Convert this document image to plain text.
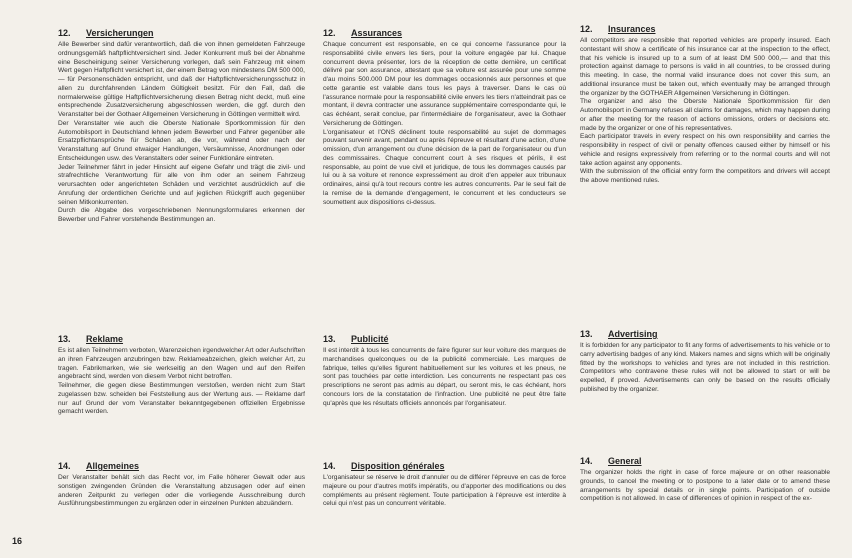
12. Versicherungen

Alle Bewerber sind dafür verantwortlich, daß die von ihnen gemeldeten Fahrzeuge ordnungsgemäß haftpflichtversichert sind. Jeder Konkurrent muß bei der Abnahme eine Bescheinigung seiner Versicherung vorlegen, daß sein Fahrzeug mit einem Wert gegen Haftpflicht versichert ist, der einem Betrag von mindestens DM 500 000,— für Personenschäden entspricht, und daß der Haftpflichtversicherungsschutz in allen zu durchfahrenden Ländern Gültigkeit besitzt. Für den Fall, daß die normalerweise gültige Haftpflichtversicherung diesen Betrag nicht deckt, muß eine entsprechende Zusatzversicherung abgeschlossen werden, die ggf. durch den Veranstalter bei der Gothaer Allgemeinen Versicherung in Göttingen vermittelt wird.

Der Veranstalter wie auch die Oberste Nationale Sportkommission für den Automobilsport in Deutschland lehnen jedem Bewerber und Fahrer gegenüber alle Ersatzpflichtansprüche für Schäden ab, die vor, während oder nach der Veranstaltung auf Grund etwaiger Handlungen, Versäumnisse, Anordnungen oder Entscheidungen usw. des Veranstalters oder seiner Funktionäre eintreten.

Jeder Teilnehmer fährt in jeder Hinsicht auf eigene Gefahr und trägt die zivil- und strafrechtliche Verantwortung für alle von ihm oder an seinem Fahrzeug verursachten oder angerichteten Schäden und verzichtet ausdrücklich auf die Anrufung der ordentlichen Gerichte und auf jeglichen Rückgriff auch gegenüber seinen Mitkonkurrenten.

Durch die Abgabe des vorgeschriebenen Nennungsformulares erkennen der Bewerber und Fahrer vorstehende Bestimmungen an.

13. Reklame

Es ist allen Teilnehmern verboten, Warenzeichen irgendwelcher Art oder Aufschriften an ihren Fahrzeugen anzubringen bzw. Reklameabzeichen, gleich welcher Art, zu tragen. Fabrikmarken, wie sie werkseitig an den Wagen und auf den Reifen angebracht sind, werden von diesem Verbot nicht betroffen.

Teilnehmer, die gegen diese Bestimmungen verstoßen, werden nicht zum Start zugelassen bzw. scheiden bei Feststellung aus der Wertung aus. — Reklame darf nur auf Grund der vom Veranstalter bekanntgegebenen offiziellen Ergebnisse gemacht werden.

14. Allgemeines

Der Veranstalter behält sich das Recht vor, im Falle höherer Gewalt oder aus sonstigen zwingenden Gründen die Veranstaltung abzusagen oder auf einen anderen Zeitpunkt zu verlegen oder die vorliegende Ausschreibung durch Ausführungsbestimmungen zu ergänzen oder in einzelnen Punkten abzuändern.

12. Assurances

Chaque concurrent est responsable, en ce qui concerne l'assurance pour la responsabilité civile envers les tiers, pour la voiture engagée par lui. Chaque concurrent devra présenter, lors de la réception de cette dernière, un certificat délivré par son assurance, attestant que sa voiture est assurée pour une somme d'au moins 500.000 DM pour les dommages occasionnés aux personnes et que cette garantie est valable dans tous les pays à traverser. Dans le cas où l'assurance normale pour la responsabilité civile envers les tiers n'atteindrait pas ce montant, il devra contracter une assurance supplémentaire correspondante qui, le cas échéant, serait conclue, par l'intermédiaire de l'organisateur, avec la Gothaer Versicherung de Göttingen.

L'organisateur et l'ONS déclinent toute responsabilité au sujet de dommages pouvant survenir avant, pendant ou après l'épreuve et résultant d'une action, d'une omission, d'un arrangement ou d'une décision de la part de l'organisateur ou d'un des commissaires. Chaque concurrent court à ses risques et périls, il est responsable, au point de vue civil et juridique, de tous les dommages causés par lui ou à sa voiture et renonce expressément au droit d'en appeler aux tribunaux ordinaires, ainsi qu'à tout recours contre les autres concurrents. Par le seul fait de la remise de la demande d'engagement, le concurrent et les conducteurs se soumettent aux dispositions ci-dessus.

13. Publicité

Il est interdit à tous les concurrents de faire figurer sur leur voiture des marques de marchandises quelconques ou de la publicité commerciale. Les marques de fabrique, telles qu'elles figurent habituellement sur les voitures et les pneus, ne sont pas touchées par cette interdiction. Les concurrents ne respectant pas ces prescriptions ne seront pas admis au départ, ou seront mis, le cas échéant, hors concours lors de la constatation de l'infraction. Une publicité ne peut être faite qu'après que les résultats officiels annoncés par l'organisateur.

14. Disposition générales

L'organisateur se réserve le droit d'annuler ou de différer l'épreuve en cas de force majeure ou pour d'autres motifs impératifs, ou d'apporter des modifications ou des compléments au présent règlement. Toute participation à l'épreuve est interdite à celui qui n'est pas un concurrent véritable.

12. Insurances

All competitors are responsible that reported vehicles are properly insured. Each contestant will show a certificate of his insurance car at the inspection to the effect, that his vehicle is insured up to a sum of at least DM 500 000,— and that this protection against damage to persons is valid in all countries, to be crossed during this meeting. In case, the normal valid insurance does not cover this sum, an additional insurance must be taken out, which eventually may be arranged through the organizer by the GOTHAER Allgemeinen Versicherung in Göttingen.

The organizer and also the Oberste Nationale Sportkommission für den Automobilsport in Germany refuses all claims for damages, which may happen during or after the meeting for the reason of actions omissions, orders or decisions etc. made by the organizer or one of his representatives.

Each participator travels in every respect on his own responsibility and carries the responsibility in respect of civil or penalty offences caused either by himself or his vehicle and resigns expressively from referring or to the normal courts and will not take action against any opponents.

With the submission of the official entry form the competitors and drivers will accept the above mentioned rules.

13. Advertising

It is forbidden for any participator to fit any forms of advertisements to his vehicle or to carry advertising badges of any kind. Makers names and signs which will be originally fitted by the workshops to vehicles and tyres are not included in this restriction. Competitors who contravene these rules will not be allowed to start or will be expelled, if proved. Advertisements can only be based on the results officially published by the organizer.

14. General

The organizer holds the right in case of force majeure or on other reasonable grounds, to cancel the meeting or to postpone to a later date or to amend these arrangements by special details or in single points. Participation of outside competition is not allowed. In case of differences of opinion in respect of the ex-

16
